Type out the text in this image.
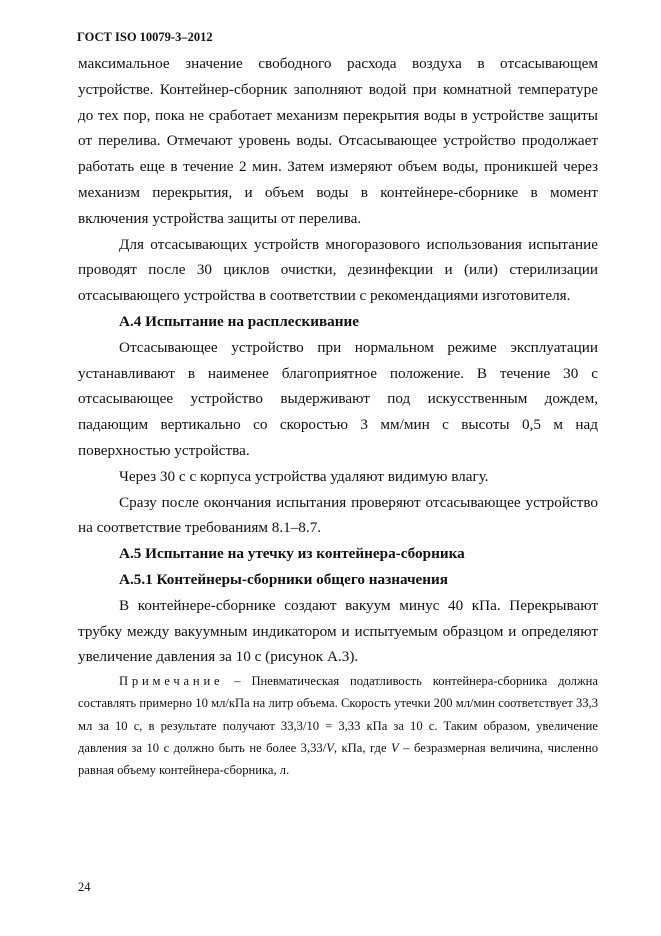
ГОСТ ISO 10079-3–2012

максимальное значение свободного расхода воздуха в отсасывающем устройстве. Контейнер-сборник заполняют водой при комнатной температуре до тех пор, пока не сработает механизм перекрытия воды в устройстве защиты от перелива. Отмечают уровень воды. Отсасывающее устройство продолжает работать еще в течение 2 мин. Затем измеряют объем воды, проникшей через механизм перекрытия, и объем воды в контейнере-сборнике в момент включения устройства защиты от перелива.

Для отсасывающих устройств многоразового использования испытание проводят после 30 циклов очистки, дезинфекции и (или) стерилизации отсасывающего устройства в соответствии с рекомендациями изготовителя.

А.4 Испытание на расплескивание

Отсасывающее устройство при нормальном режиме эксплуатации устанавливают в наименее благоприятное положение. В течение 30 с отсасывающее устройство выдерживают под искусственным дождем, падающим вертикально со скоростью 3 мм/мин с высоты 0,5 м над поверхностью устройства.

Через 30 с с корпуса устройства удаляют видимую влагу.

Сразу после окончания испытания проверяют отсасывающее устройство на соответствие требованиям 8.1–8.7.

А.5 Испытание на утечку из контейнера-сборника

А.5.1 Контейнеры-сборники общего назначения

В контейнере-сборнике создают вакуум минус 40 кПа. Перекрывают трубку между вакуумным индикатором и испытуемым образцом и определяют увеличение давления за 10 с (рисунок А.3).

Примечание – Пневматическая податливость контейнера-сборника должна составлять примерно 10 мл/кПа на литр объема. Скорость утечки 200 мл/мин соответствует 33,3 мл за 10 с, в результате получают 33,3/10 = 3,33 кПа за 10 с. Таким образом, увеличение давления за 10 с должно быть не более 3,33/V, кПа, где V – безразмерная величина, численно равная объему контейнера-сборника, л.

24
